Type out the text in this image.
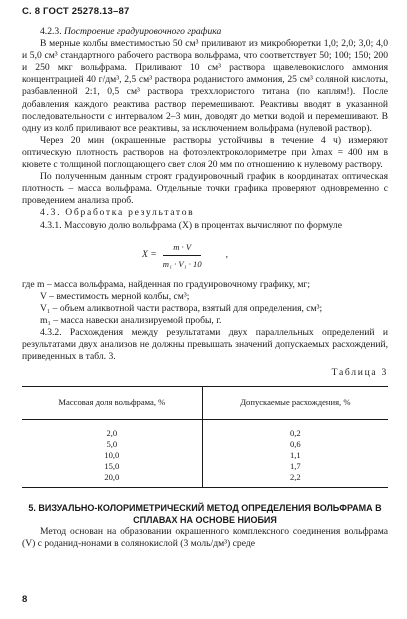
С. 8 ГОСТ 25278.13–87

4.2.3. Построение градуировочного графика

В мерные колбы вместимостью 50 см³ приливают из микробюретки 1,0; 2,0; 3,0; 4,0 и 5,0 см³ стандартного рабочего раствора вольфрама, что соответствует 50; 100; 150; 200 и 250 мкг вольфрама. Приливают 10 см³ раствора щавелевокислого аммония концентрацией 40 г/дм³, 2,5 см³ раствора роданистого аммония, 25 см³ соляной кислоты, разбавленной 2:1, 0,5 см³ раствора треххлористого титана (по каплям!). После добавления каждого реактива раствор перемешивают. Реактивы вводят в указанной последовательности с интервалом 2–3 мин, доводят до метки водой и перемешивают. В одну из колб приливают все реактивы, за исключением вольфрама (нулевой раствор).

Через 20 мин (окрашенные растворы устойчивы в течение 4 ч) измеряют оптическую плотность растворов на фотоэлектроколориметре при λmax = 400 нм в кювете с толщиной поглощающего свет слоя 20 мм по отношению к нулевому раствору.

По полученным данным строят градуировочный график в координатах оптическая плотность – масса вольфрама. Отдельные точки графика проверяют одновременно с проведением анализа проб.

4.3. Обработка результатов

4.3.1. Массовую долю вольфрама (X) в процентах вычисляют по формуле

$X = \frac{m \cdot V}{\text{m₁ · V₁ · 10}}$	,

где m – масса вольфрама, найденная по градуировочному графику, мг;

V – вместимость мерной колбы, см³;

V₁ – объем аликвотной части раствора, взятый для определения, см³;

m₁ – масса навески анализируемой пробы, г.

4.3.2. Расхождения между результатами двух параллельных определений и результатами двух анализов не должны превышать значений допускаемых расхождений, приведенных в табл. 3.

Таблица 3
Массовая доля вольфрама, %	Допускаемые расхождения, %
2,0	0,2
5,0	0,6
10,0	1,1
15,0	1,7
20,0	2,2
5. ВИЗУАЛЬНО-КОЛОРИМЕТРИЧЕСКИЙ МЕТОД ОПРЕДЕЛЕНИЯ ВОЛЬФРАМА В СПЛАВАХ НА ОСНОВЕ НИОБИЯ

Метод основан на образовании окрашенного комплексного соединения вольфрама (V) с роданид-нонами в солянокислой (3 моль/дм³) среде

8
